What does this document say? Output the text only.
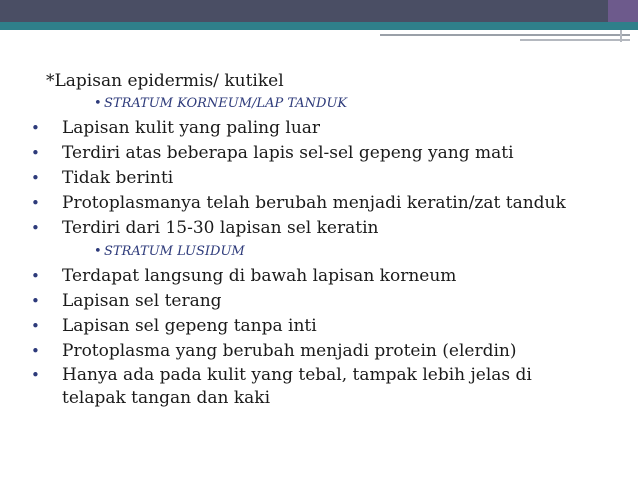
*Lapisan epidermis/ kutikel

• STRATUM KORNEUM/LAP TANDUK
• Lapisan kulit yang paling luar
• Terdiri atas beberapa lapis sel-sel gepeng yang mati
• Tidak berinti
• Protoplasmanya telah berubah menjadi keratin/zat tanduk
• Terdiri dari 15-30 lapisan sel keratin
• STRATUM LUSIDUM
• Terdapat langsung di bawah lapisan korneum
• Lapisan sel terang
• Lapisan sel gepeng tanpa inti
• Protoplasma yang berubah menjadi protein (elerdin)
• Hanya ada pada kulit yang tebal, tampak lebih jelas di telapak tangan dan kaki
